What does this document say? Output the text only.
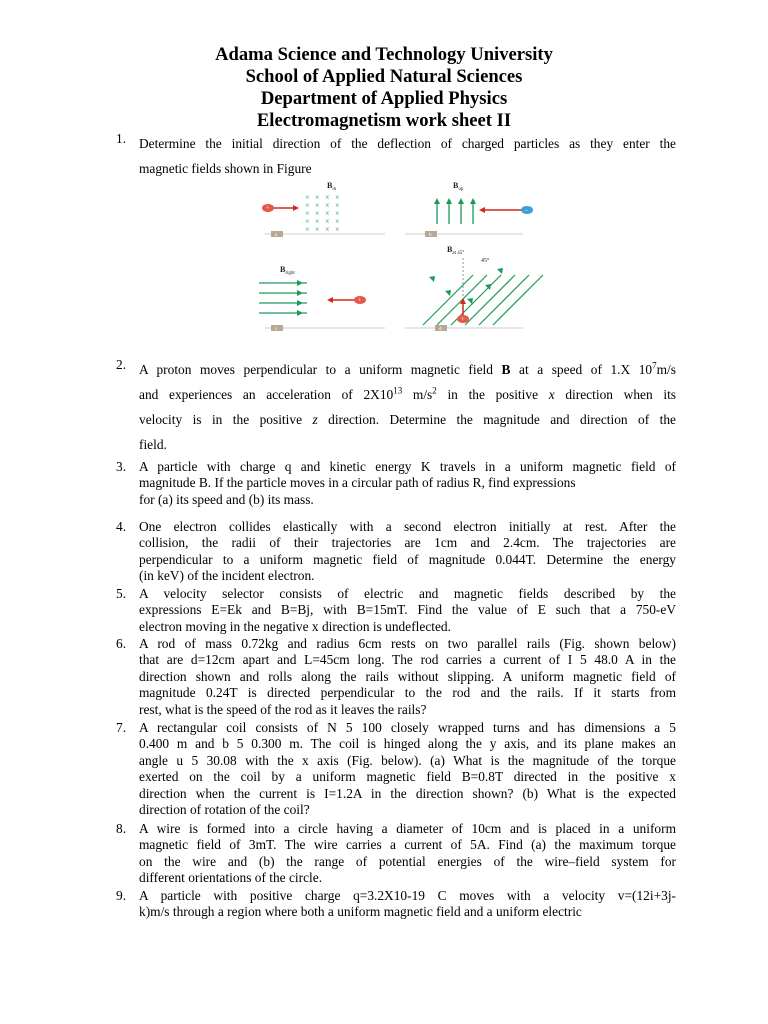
Adama Science and Technology University
School of Applied Natural Sciences
Department of Applied Physics
Electromagnetism work sheet II
1. Determine the initial direction of the deflection of charged particles as they enter the
magnetic fields shown in Figure
$B_{in}$
× × × ×
× × × ×
× × × ×
× × × ×
× × × ×
+
a
$B_{up}$
−
b
$B_{right}$
+
c
$B_{at 45^\circ}$
45°
+
d
2. A proton moves perpendicular to a uniform magnetic field B at a speed of 1.X $10^7m/s$
and experiences an acceleration of $2X10^{13}$ $m/s^2$ in the positive x direction when its
velocity is in the positive z direction. Determine the magnitude and direction of the
field.
3. A particle with charge q and kinetic energy K travels in a uniform magnetic field of
magnitude B. If the particle moves in a circular path of radius R, find expressions
for (a) its speed and (b) its mass.
4. One electron collides elastically with a second electron initially at rest. After the
collision, the radii of their trajectories are 1cm and 2.4cm. The trajectories are
perpendicular to a uniform magnetic field of magnitude 0.044T. Determine the energy
(in keV) of the incident electron.
5. A velocity selector consists of electric and magnetic fields described by the
expressions E=Ek and B=Bj, with B=15mT. Find the value of E such that a 750-eV
electron moving in the negative x direction is undeflected.
6. A rod of mass 0.72kg and radius 6cm rests on two parallel rails (Fig. shown below)
that are d=12cm apart and L=45cm long. The rod carries a current of I 5 48.0 A in the
direction shown and rolls along the rails without slipping. A uniform magnetic field of
magnitude 0.24T is directed perpendicular to the rod and the rails. If it starts from
rest, what is the speed of the rod as it leaves the rails?
7. A rectangular coil consists of N 5 100 closely wrapped turns and has dimensions a 5
0.400 m and b 5 0.300 m. The coil is hinged along the y axis, and its plane makes an
angle u 5 30.08 with the x axis (Fig. below). (a) What is the magnitude of the torque
exerted on the coil by a uniform magnetic field B=0.8T directed in the positive x
direction when the current is I=1.2A in the direction shown? (b) What is the expected
direction of rotation of the coil?
8. A wire is formed into a circle having a diameter of 10cm and is placed in a uniform
magnetic field of 3mT. The wire carries a current of 5A. Find (a) the maximum torque
on the wire and (b) the range of potential energies of the wire–field system for
different orientations of the circle.
9. A particle with positive charge q=3.2X10-19 C moves with a velocity v=(12i+3j-
k)m/s through a region where both a uniform magnetic field and a uniform electric
